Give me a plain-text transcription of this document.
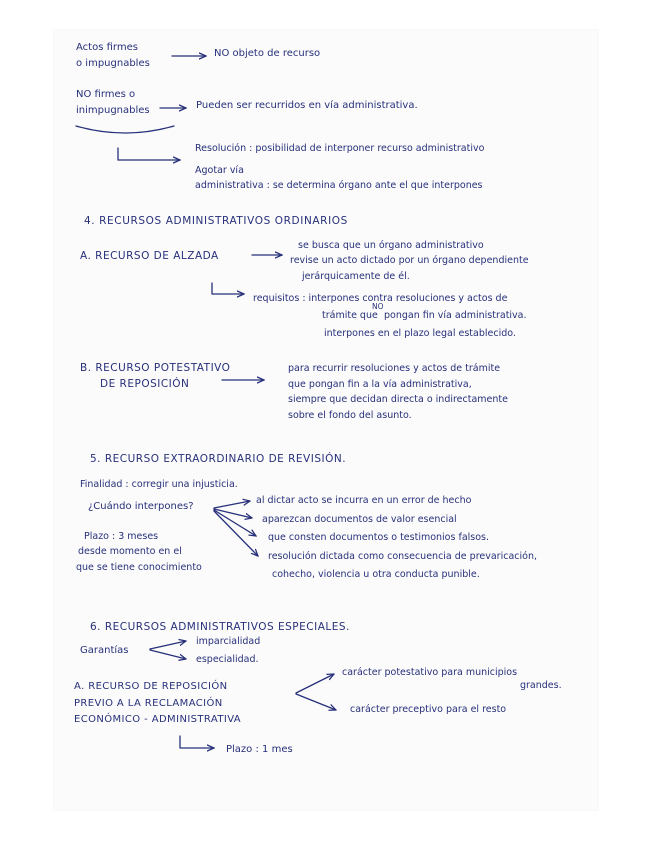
Actos firmes
o impugnables
NO objeto de recurso
NO firmes o
inimpugnables	Pueden ser recurridos en vía administrativa.
Resolución : posibilidad de interponer recurso administrativo
Agotar vía
administrativa : se determina órgano ante el que interpones
4. RECURSOS ADMINISTRATIVOS ORDINARIOS
A. RECURSO DE ALZADA
se busca que un órgano administrativo
revise un acto dictado por un órgano dependiente
jerárquicamente de él.
requisitos : interpones contra resoluciones y actos de
trámite que
NO
pongan fin vía administrativa.
interpones en el plazo legal establecido.
B. RECURSO POTESTATIVO
DE REPOSICIÓN
para recurrir resoluciones y actos de trámite
que pongan fin a la vía administrativa,
siempre que decidan directa o indirectamente
sobre el fondo del asunto.
5. RECURSO EXTRAORDINARIO DE REVISIÓN.
Finalidad : corregir una injusticia.
¿Cuándo interpones?
al dictar acto se incurra en un error de hecho
aparezcan documentos de valor esencial
que consten documentos o testimonios falsos.
resolución dictada como consecuencia de prevaricación,
cohecho, violencia u otra conducta punible.
Plazo : 3 meses
desde momento en el
que se tiene conocimiento
6. RECURSOS ADMINISTRATIVOS ESPECIALES.
Garantías
imparcialidad
especialidad.
A. RECURSO DE REPOSICIÓN
PREVIO A LA RECLAMACIÓN
ECONÓMICO - ADMINISTRATIVA
carácter potestativo para municipios
grandes.
carácter preceptivo para el resto
Plazo : 1 mes
